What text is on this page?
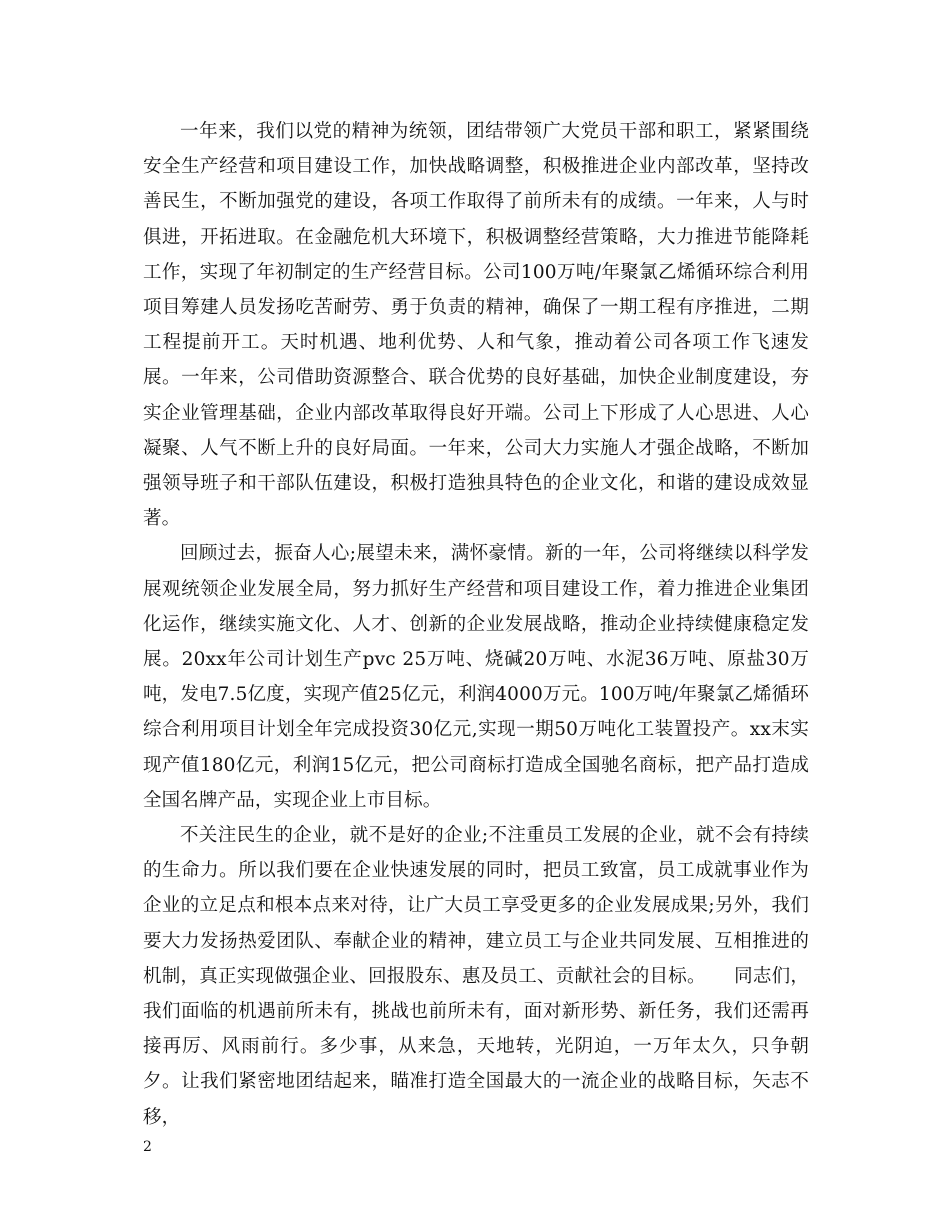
一年来，我们以党的精神为统领，团结带领广大党员干部和职工，紧紧围绕安全生产经营和项目建设工作，加快战略调整，积极推进企业内部改革，坚持改善民生，不断加强党的建设，各项工作取得了前所未有的成绩。一年来，人与时俱进，开拓进取。在金融危机大环境下，积极调整经营策略，大力推进节能降耗工作，实现了年初制定的生产经营目标。公司100万吨/年聚氯乙烯循环综合利用项目筹建人员发扬吃苦耐劳、勇于负责的精神，确保了一期工程有序推进，二期工程提前开工。天时机遇、地利优势、人和气象，推动着公司各项工作飞速发展。一年来，公司借助资源整合、联合优势的良好基础，加快企业制度建设，夯实企业管理基础，企业内部改革取得良好开端。公司上下形成了人心思进、人心凝聚、人气不断上升的良好局面。一年来，公司大力实施人才强企战略，不断加强领导班子和干部队伍建设，积极打造独具特色的企业文化，和谐的建设成效显著。

回顾过去，振奋人心;展望未来，满怀豪情。新的一年，公司将继续以科学发展观统领企业发展全局，努力抓好生产经营和项目建设工作，着力推进企业集团化运作，继续实施文化、人才、创新的企业发展战略，推动企业持续健康稳定发展。20xx年公司计划生产pvc 25万吨、烧碱20万吨、水泥36万吨、原盐30万吨，发电7.5亿度，实现产值25亿元，利润4000万元。100万吨/年聚氯乙烯循环综合利用项目计划全年完成投资30亿元,实现一期50万吨化工装置投产。xx末实现产值180亿元，利润15亿元，把公司商标打造成全国驰名商标，把产品打造成全国名牌产品，实现企业上市目标。

不关注民生的企业，就不是好的企业;不注重员工发展的企业，就不会有持续的生命力。所以我们要在企业快速发展的同时，把员工致富，员工成就事业作为企业的立足点和根本点来对待，让广大员工享受更多的企业发展成果;另外，我们要大力发扬热爱团队、奉献企业的精神，建立员工与企业共同发展、互相推进的机制，真正实现做强企业、回报股东、惠及员工、贡献社会的目标。　　同志们，我们面临的机遇前所未有，挑战也前所未有，面对新形势、新任务，我们还需再接再厉、风雨前行。多少事，从来急，天地转，光阴迫，一万年太久，只争朝夕。让我们紧密地团结起来，瞄准打造全国最大的一流企业的战略目标，矢志不移，

2
